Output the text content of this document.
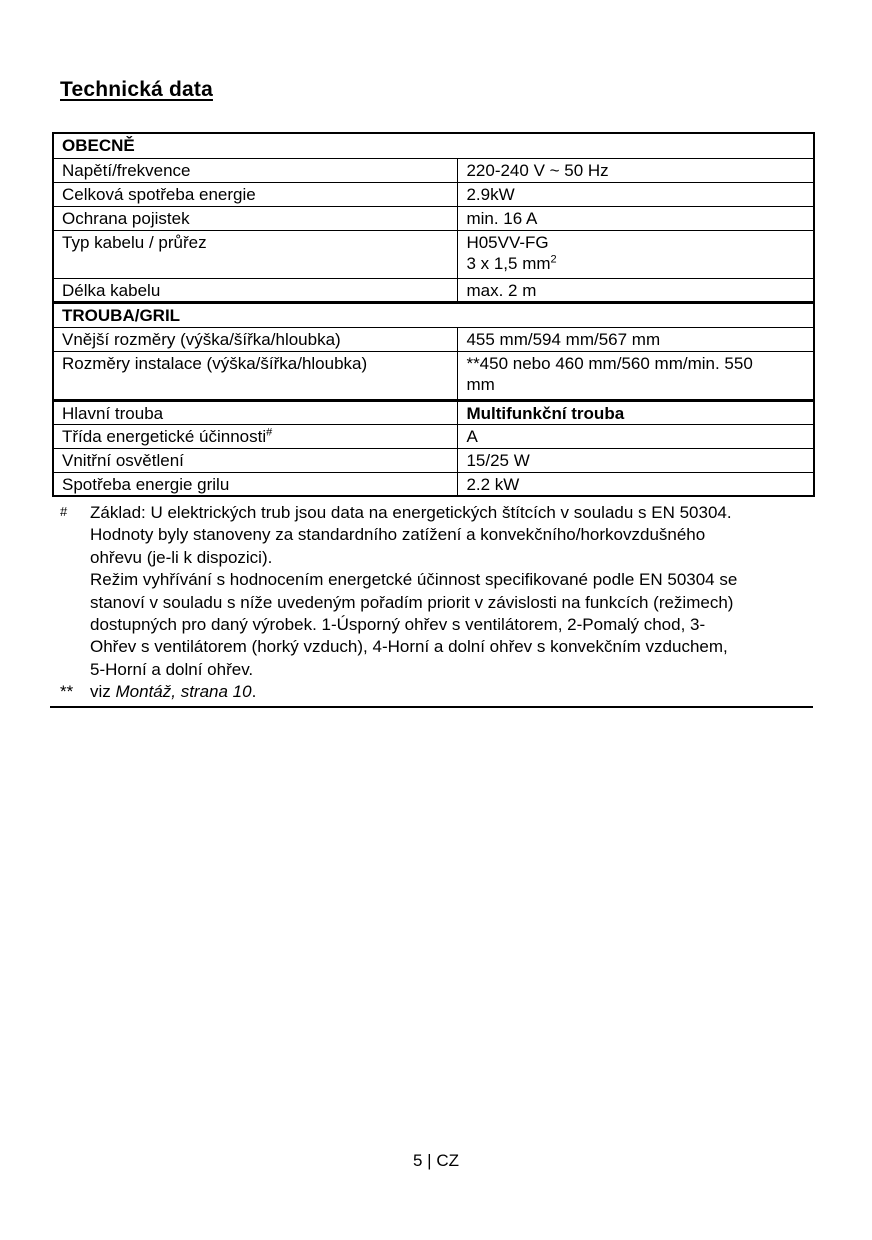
Technická data
OBECNĚ	
Napětí/frekvence	220-240 V ~ 50 Hz
Celková spotřeba energie	2.9kW
Ochrana pojistek	min. 16 A
Typ kabelu / průřez	H05VV-FG
3 x 1,5 $mm^2$
Délka kabelu	max. 2 m
TROUBA/GRIL	
Vnější rozměry (výška/šířka/hloubka)	455 mm/594 mm/567 mm
Rozměry instalace (výška/šířka/hloubka)	**450 nebo 460 mm/560 mm/min. 550
mm
Hlavní trouba	Multifunkční trouba
Třída energetické účinnosti#	A
Vnitřní osvětlení	15/25 W
Spotřeba energie grilu	2.2 kW
#	Základ: U elektrických trub jsou data na energetických štítcích v souladu s EN 50304.
Hodnoty byly stanoveny za standardního zatížení a konvekčního/horkovzdušného
ohřevu (je-li k dispozici).
Režim vyhřívání s hodnocením energetcké účinnost specifikované podle EN 50304 se
stanoví v souladu s níže uvedeným pořadím priorit v závislosti na funkcích (režimech)
dostupných pro daný výrobek. 1-Úsporný ohřev s ventilátorem, 2-Pomalý chod, 3-
Ohřev s ventilátorem (horký vzduch), 4-Horní a dolní ohřev s konvekčním vzduchem,
5-Horní a dolní ohřev.
** viz Montáž, strana 10.
5 | CZ
